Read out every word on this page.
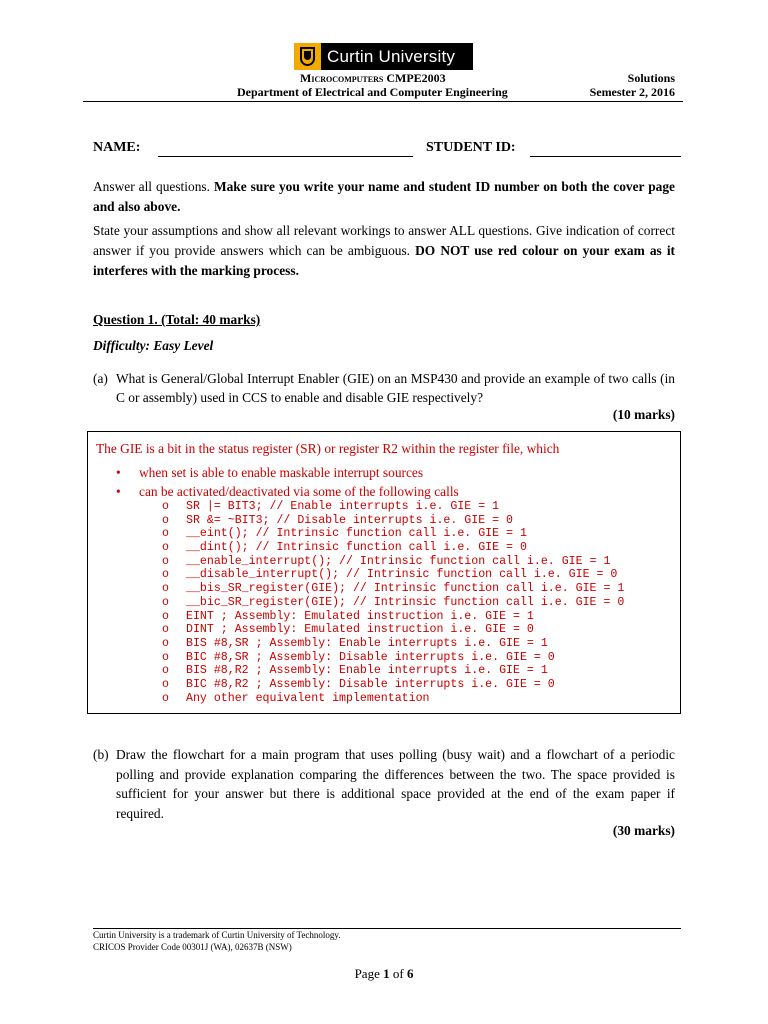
Curtin University
Microcomputers CMPE2003
Department of Electrical and Computer Engineering
Solutions
Semester 2, 2016
NAME:	STUDENT ID:
Answer all questions. Make sure you write your name and student ID number on both the cover page and also above.
State your assumptions and show all relevant workings to answer ALL questions. Give indication of correct answer if you provide answers which can be ambiguous. DO NOT use red colour on your exam as it interferes with the marking process.
Question 1. (Total: 40 marks)
Difficulty: Easy Level
(a) What is General/Global Interrupt Enabler (GIE) on an MSP430 and provide an example of two calls (in C or assembly) used in CCS to enable and disable GIE respectively?
(10 marks)
The GIE is a bit in the status register (SR) or register R2 within the register file, which
• when set is able to enable maskable interrupt sources
• can be activated/deactivated via some of the following calls
o SR |= BIT3; // Enable interrupts i.e. GIE = 1
o SR &= ~BIT3; // Disable interrupts i.e. GIE = 0
o __eint(); // Intrinsic function call i.e. GIE = 1
o __dint(); // Intrinsic function call i.e. GIE = 0
o __enable_interrupt(); // Intrinsic function call i.e. GIE = 1
o __disable_interrupt(); // Intrinsic function call i.e. GIE = 0
o __bis_SR_register(GIE); // Intrinsic function call i.e. GIE = 1
o __bic_SR_register(GIE); // Intrinsic function call i.e. GIE = 0
o EINT ; Assembly: Emulated instruction i.e. GIE = 1
o DINT ; Assembly: Emulated instruction i.e. GIE = 0
o BIS #8,SR ; Assembly: Enable interrupts i.e. GIE = 1
o BIC #8,SR ; Assembly: Disable interrupts i.e. GIE = 0
o BIS #8,R2 ; Assembly: Enable interrupts i.e. GIE = 1
o BIC #8,R2 ; Assembly: Disable interrupts i.e. GIE = 0
o Any other equivalent implementation
(b) Draw the flowchart for a main program that uses polling (busy wait) and a flowchart of a periodic polling and provide explanation comparing the differences between the two. The space provided is sufficient for your answer but there is additional space provided at the end of the exam paper if required.
(30 marks)
Curtin University is a trademark of Curtin University of Technology.
CRICOS Provider Code 00301J (WA), 02637B (NSW)
Page 1 of 6
